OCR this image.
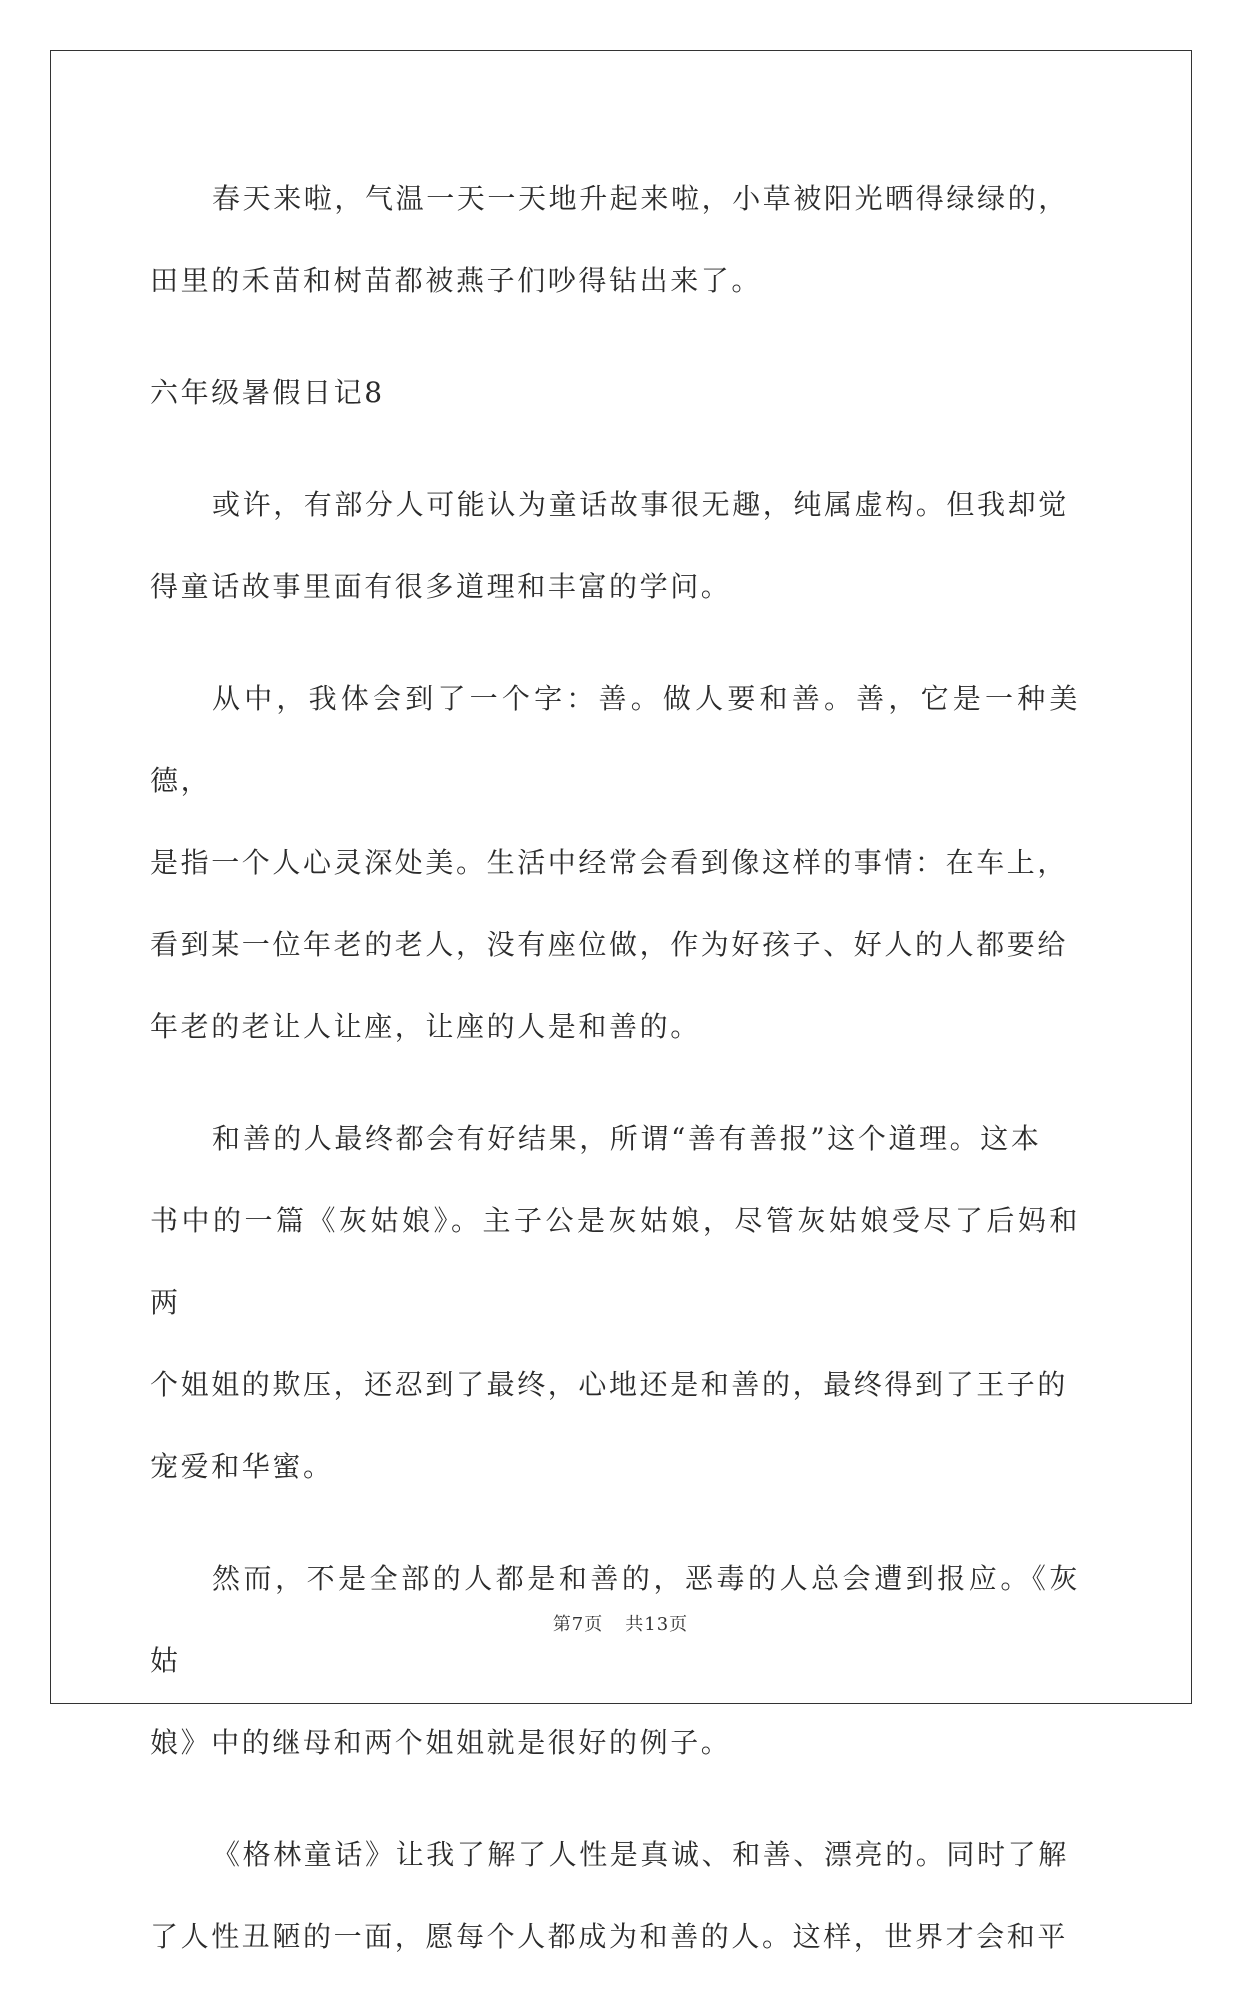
春天来啦，气温一天一天地升起来啦，小草被阳光晒得绿绿的，

田里的禾苗和树苗都被燕子们吵得钻出来了。

六年级暑假日记8

或许，有部分人可能认为童话故事很无趣，纯属虚构。但我却觉

得童话故事里面有很多道理和丰富的学问。

从中，我体会到了一个字：善。做人要和善。善，它是一种美德，

是指一个人心灵深处美。生活中经常会看到像这样的事情：在车上，

看到某一位年老的老人，没有座位做，作为好孩子、好人的人都要给

年老的老让人让座，让座的人是和善的。

和善的人最终都会有好结果，所谓“善有善报”这个道理。这本

书中的一篇《灰姑娘》。主子公是灰姑娘，尽管灰姑娘受尽了后妈和两

个姐姐的欺压，还忍到了最终，心地还是和善的，最终得到了王子的

宠爱和华蜜。

然而，不是全部的人都是和善的，恶毒的人总会遭到报应。《灰姑

娘》中的继母和两个姐姐就是很好的例子。

《格林童话》让我了解了人性是真诚、和善、漂亮的。同时了解

了人性丑陋的一面，愿每个人都成为和善的人。这样，世界才会和平

第7页 共13页
